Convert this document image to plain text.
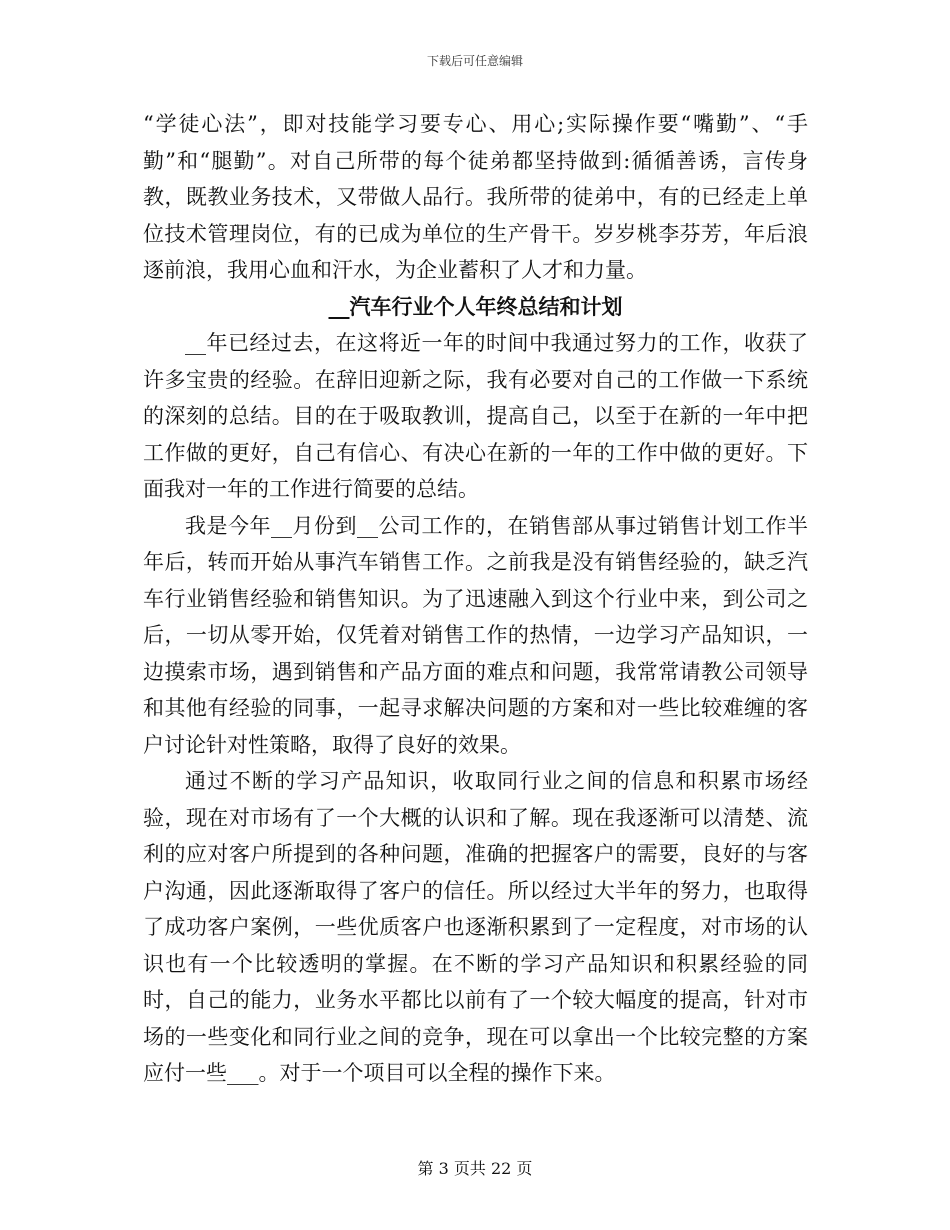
下载后可任意编辑

“学徒心法”，即对技能学习要专心、用心;实际操作要“嘴勤”、“手勤”和“腿勤”。对自己所带的每个徒弟都坚持做到:循循善诱，言传身教，既教业务技术，又带做人品行。我所带的徒弟中，有的已经走上单位技术管理岗位，有的已成为单位的生产骨干。岁岁桃李芬芳，年后浪逐前浪，我用心血和汗水，为企业蓄积了人才和力量。

__汽车行业个人年终总结和计划

__年已经过去，在这将近一年的时间中我通过努力的工作，收获了许多宝贵的经验。在辞旧迎新之际，我有必要对自己的工作做一下系统的深刻的总结。目的在于吸取教训，提高自己，以至于在新的一年中把工作做的更好，自己有信心、有决心在新的一年的工作中做的更好。下面我对一年的工作进行简要的总结。

我是今年__月份到__公司工作的，在销售部从事过销售计划工作半年后，转而开始从事汽车销售工作。之前我是没有销售经验的，缺乏汽车行业销售经验和销售知识。为了迅速融入到这个行业中来，到公司之后，一切从零开始，仅凭着对销售工作的热情，一边学习产品知识，一边摸索市场，遇到销售和产品方面的难点和问题，我常常请教公司领导和其他有经验的同事，一起寻求解决问题的方案和对一些比较难缠的客户讨论针对性策略，取得了良好的效果。

通过不断的学习产品知识，收取同行业之间的信息和积累市场经验，现在对市场有了一个大概的认识和了解。现在我逐渐可以清楚、流利的应对客户所提到的各种问题，准确的把握客户的需要，良好的与客户沟通，因此逐渐取得了客户的信任。所以经过大半年的努力，也取得了成功客户案例，一些优质客户也逐渐积累到了一定程度，对市场的认识也有一个比较透明的掌握。在不断的学习产品知识和积累经验的同时，自己的能力，业务水平都比以前有了一个较大幅度的提高，针对市场的一些变化和同行业之间的竞争，现在可以拿出一个比较完整的方案应付一些___。对于一个项目可以全程的操作下来。

第 3 页共 22 页
